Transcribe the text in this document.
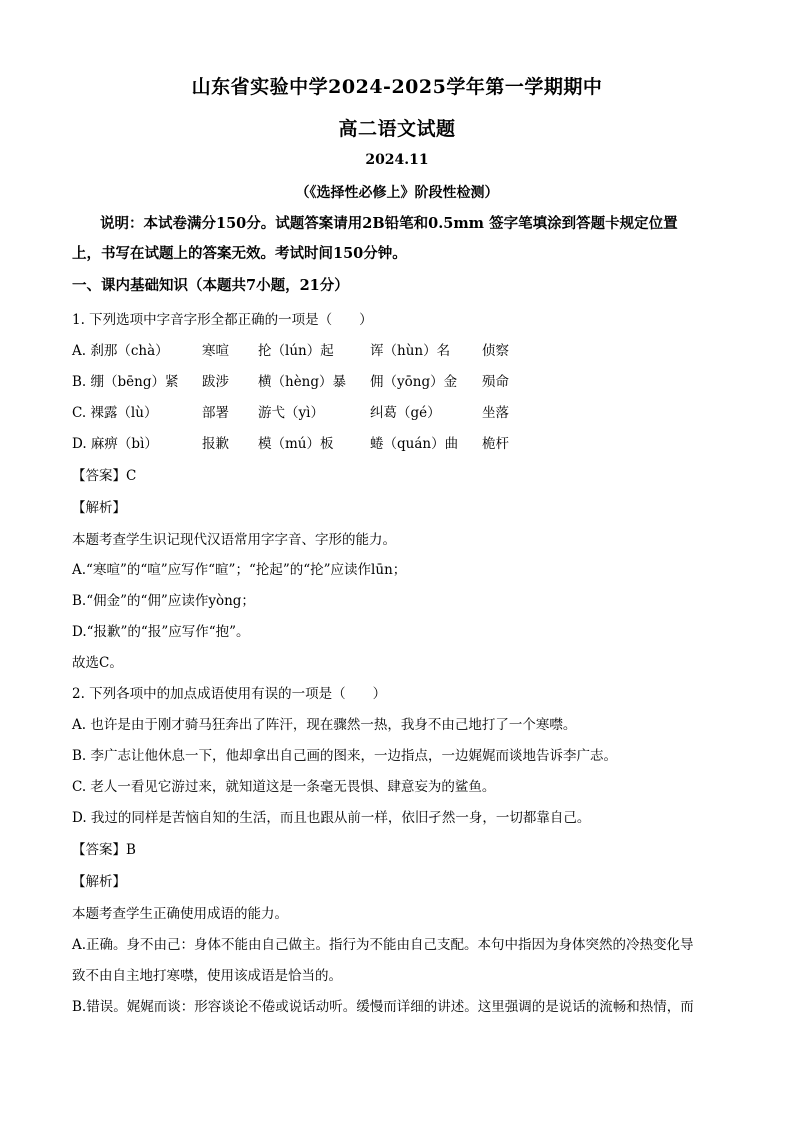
山东省实验中学2024-2025学年第一学期期中
高二语文试题
2024.11
（《选择性必修上》阶段性检测）
说明：本试卷满分150分。试题答案请用2B铅笔和0.5mm 签字笔填涂到答题卡规定位置
上，书写在试题上的答案无效。考试时间150分钟。
一、课内基础知识（本题共7小题，21分）
1. 下列选项中字音字形全都正确的一项是（　　）
A. 刹那（chà） 寒喧 抡（lún）起	诨（hùn）名 侦察
B. 绷（bēng）紧 跋涉 横（hèng）暴 佣（yōng）金 殒命
C. 裸露（lù）	部署 游弋（yì）	纠葛（gé）	坐落
D. 麻痹（bì）	报歉 模（mú）板	蜷（quán）曲 桅杆
【答案】C
【解析】
本题考查学生识记现代汉语常用字字音、字形的能力。
A.“寒喧”的“喧”应写作“暄”；“抡起”的“抡”应读作lūn；
B.“佣金”的“佣”应读作yòng；
D.“报歉”的“报”应写作“抱”。
故选C。
2. 下列各项中的加点成语使用有误的一项是（　　）
A. 也许是由于刚才骑马狂奔出了阵汗，现在骤然一热，我身不由己地打了一个寒噤。
B. 李广志让他休息一下，他却拿出自己画的图来，一边指点，一边娓娓而谈地告诉李广志。
C. 老人一看见它游过来，就知道这是一条毫无畏惧、肆意妄为的鲨鱼。
D. 我过的同样是苦恼自知的生活，而且也跟从前一样，依旧孑然一身，一切都靠自己。
【答案】B
【解析】
本题考查学生正确使用成语的能力。
A.正确。身不由己：身体不能由自己做主。指行为不能由自己支配。本句中指因为身体突然的冷热变化导
致不由自主地打寒噤，使用该成语是恰当的。
B.错误。娓娓而谈：形容谈论不倦或说话动听。缓慢而详细的讲述。这里强调的是说话的流畅和热情，而
